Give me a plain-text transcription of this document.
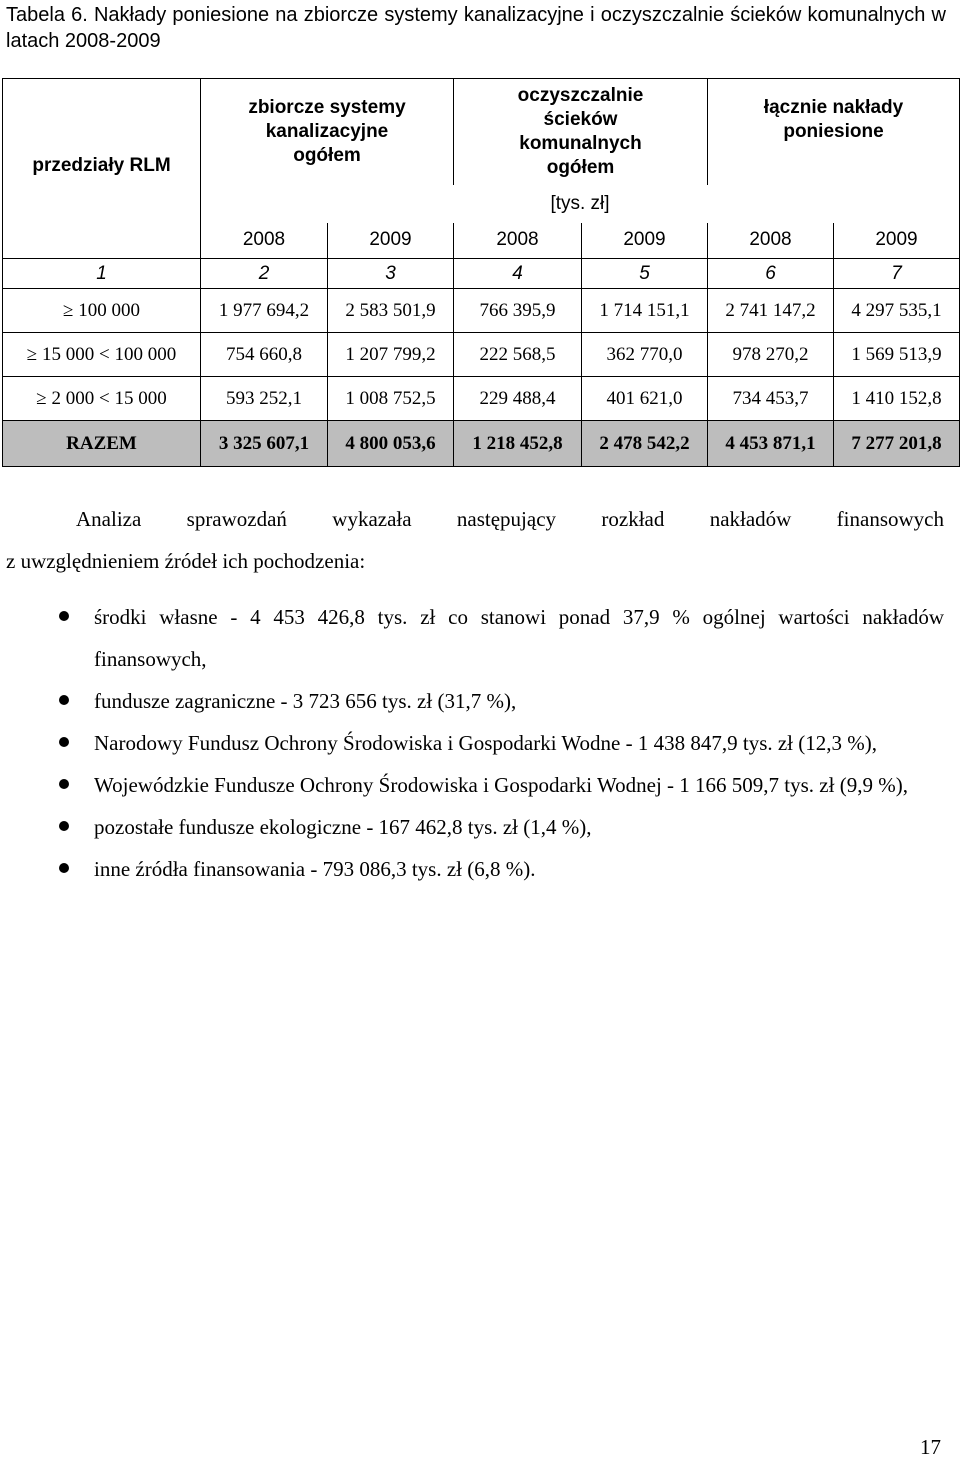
Tabela 6. Nakłady poniesione na zbiorcze systemy kanalizacyjne i oczyszczalnie ścieków komunalnych w latach 2008-2009
przedziały RLM	zbiorcze systemy kanalizacyjne ogółem		oczyszczalnie ścieków komunalnych ogółem		łącznie nakłady poniesione	
	[tys. zł]					
	2008	2009	2008	2009	2008	2009
1	2	3	4	5	6	7
≥ 100 000	1 977 694,2	2 583 501,9	766 395,9	1 714 151,1	2 741 147,2	4 297 535,1
≥ 15 000 < 100 000	754 660,8	1 207 799,2	222 568,5	362 770,0	978 270,2	1 569 513,9
≥ 2 000 < 15 000	593 252,1	1 008 752,5	229 488,4	401 621,0	734 453,7	1 410 152,8
RAZEM	3 325 607,1	4 800 053,6	1 218 452,8	2 478 542,2	4 453 871,1	7 277 201,8
Analiza sprawozdań wykazała następujący rozkład nakładów finansowych
z uwzględnieniem źródeł ich pochodzenia:
środki własne - 4 453 426,8 tys. zł co stanowi ponad 37,9 % ogólnej wartości nakładów finansowych,
fundusze zagraniczne - 3 723 656 tys. zł (31,7 %),
Narodowy Fundusz Ochrony Środowiska i Gospodarki Wodne - 1 438 847,9 tys. zł (12,3 %),
Wojewódzkie Fundusze Ochrony Środowiska i Gospodarki Wodnej - 1 166 509,7 tys. zł (9,9 %),
pozostałe fundusze ekologiczne - 167 462,8 tys. zł (1,4 %),
inne źródła finansowania - 793 086,3 tys. zł (6,8 %).
17
